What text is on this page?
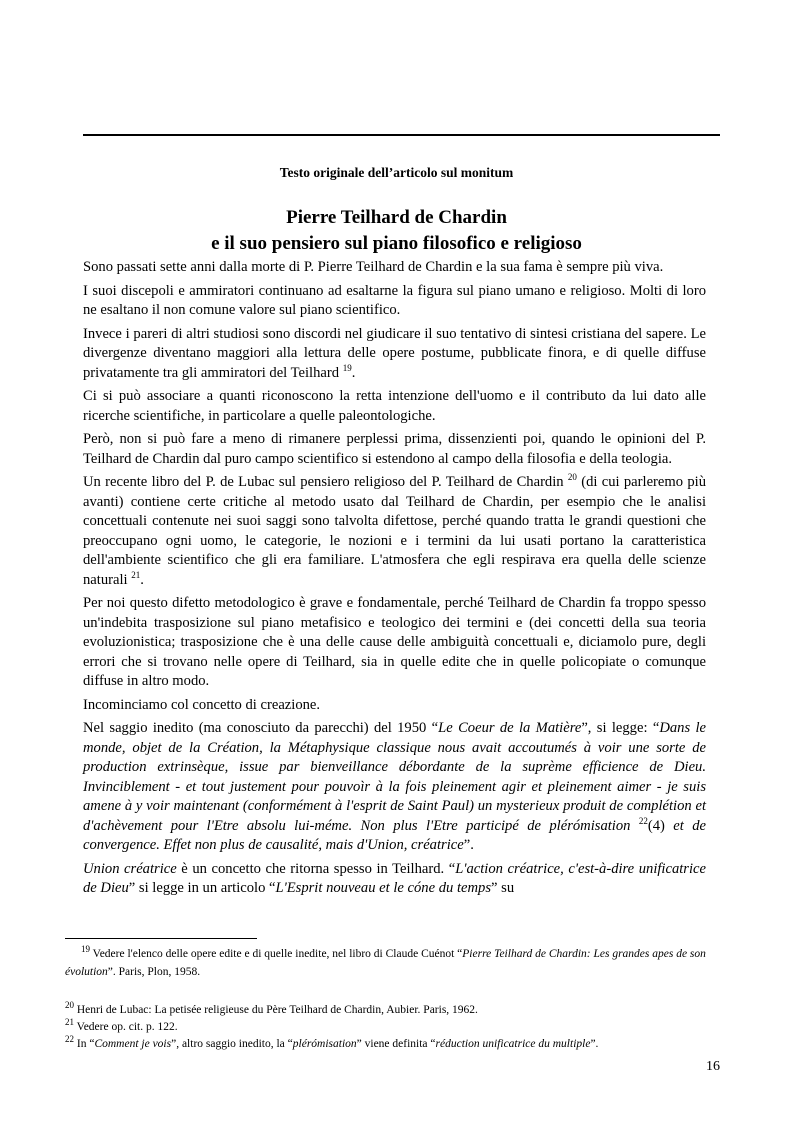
Testo originale dell’articolo sul monitum
Pierre Teilhard de Chardin
e il suo pensiero sul piano filosofico e religioso

Sono passati sette anni dalla morte di P. Pierre Teilhard de Chardin e la sua fama è sempre più viva.

I suoi discepoli e ammiratori continuano ad esaltarne la figura sul piano umano e religioso. Molti di loro ne esaltano il non comune valore sul piano scientifico.

Invece i pareri di altri studiosi sono discordi nel giudicare il suo tentativo di sintesi cristiana del sapere. Le divergenze diventano maggiori alla lettura delle opere postume, pubblicate finora, e di quelle diffuse privatamente tra gli ammiratori del Teilhard $^{19}$.

Ci si può associare a quanti riconoscono la retta intenzione dell'uomo e il contributo da lui dato alle ricerche scientifiche, in particolare a quelle paleontologiche.

Però, non si può fare a meno di rimanere perplessi prima, dissenzienti poi, quando le opinioni del P. Teilhard de Chardin dal puro campo scientifico si estendono al campo della filosofia e della teologia.

Un recente libro del P. de Lubac sul pensiero religioso del P. Teilhard de Chardin $^{20}$ (di cui parleremo più avanti) contiene certe critiche al metodo usato dal Teilhard de Chardin, per esempio che le analisi concettuali contenute nei suoi saggi sono talvolta difettose, perché quando tratta le grandi questioni che preoccupano ogni uomo, le categorie, le nozioni e i termini da lui usati portano la caratteristica dell'ambiente scientifico che gli era familiare. L'atmosfera che egli respirava era quella delle scienze naturali $^{21}$.

Per noi questo difetto metodologico è grave e fondamentale, perché Teilhard de Chardin fa troppo spesso un'indebita trasposizione sul piano metafisico e teologico dei termini e (dei concetti della sua teoria evoluzionistica; trasposizione che è una delle cause delle ambiguità concettuali e, diciamolo pure, degli errori che si trovano nelle opere di Teilhard, sia in quelle edite che in quelle policopiate o comunque diffuse in altro modo.

Incominciamo col concetto di creazione.

Nel saggio inedito (ma conosciuto da parecchi) del 1950 “Le Coeur de la Matière”, si legge: “Dans le monde, objet de la Création, la Métaphysique classique nous avait accoutumés à voir une sorte de production extrinsèque, issue par bienveillance débordante de la suprème efficience de Dieu. Invinciblement - et tout justement pour pouvoìr à la fois pleinement agir et pleinement aimer - je suis amene à y voir maintenant (conformément à l'esprit de Saint Paul) un mysterieux produit de complétion et d'achèvement pour l'Etre absolu lui-méme. Non plus l'Etre participé de plérómisation $^{22}$(4) et de convergence. Effet non plus de causalité, mais d'Union, créatrice”.

Union créatrice è un concetto che ritorna spesso in Teilhard. “L'action créatrice, c'est-à-dire unificatrice de Dieu” si legge in un articolo “L'Esprit nouveau et le cóne du temps” su

$^{19}$ Vedere l'elenco delle opere edite e di quelle inedite, nel libro di Claude Cuénot “Pierre Teilhard de Chardin: Les grandes apes de son évolution”. Paris, Plon, 1958.
$^{20}$ Henri de Lubac: La petisée religieuse du Père Teilhard de Chardin, Aubier. Paris, 1962.
$^{21}$ Vedere op. cit. p. 122.
$^{22}$ In “Comment je vois”, altro saggio inedito, la “plérómisation” viene definita “réduction unificatrice du multiple”.
16
